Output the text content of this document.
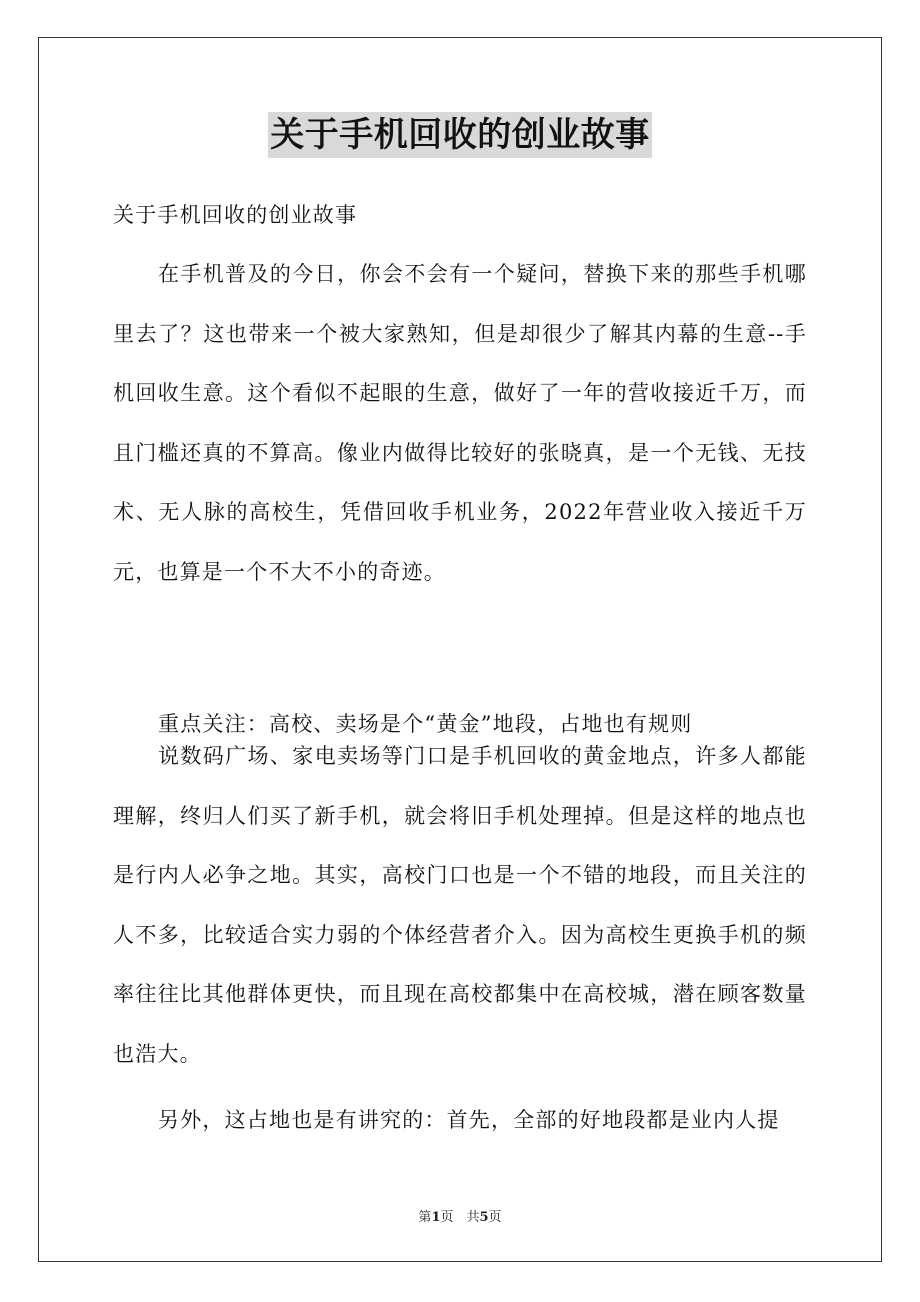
关于手机回收的创业故事
关于手机回收的创业故事

在手机普及的今日，你会不会有一个疑问，替换下来的那些手机哪里去了？这也带来一个被大家熟知，但是却很少了解其内幕的生意--手机回收生意。这个看似不起眼的生意，做好了一年的营收接近千万，而且门槛还真的不算高。像业内做得比较好的张晓真，是一个无钱、无技术、无人脉的高校生，凭借回收手机业务，2022年营业收入接近千万元，也算是一个不大不小的奇迹。

重点关注：高校、卖场是个“黄金”地段，占地也有规则

说数码广场、家电卖场等门口是手机回收的黄金地点，许多人都能理解，终归人们买了新手机，就会将旧手机处理掉。但是这样的地点也是行内人必争之地。其实，高校门口也是一个不错的地段，而且关注的人不多，比较适合实力弱的个体经营者介入。因为高校生更换手机的频率往往比其他群体更快，而且现在高校都集中在高校城，潜在顾客数量也浩大。

另外，这占地也是有讲究的：首先，全部的好地段都是业内人提

第1页　共5页
